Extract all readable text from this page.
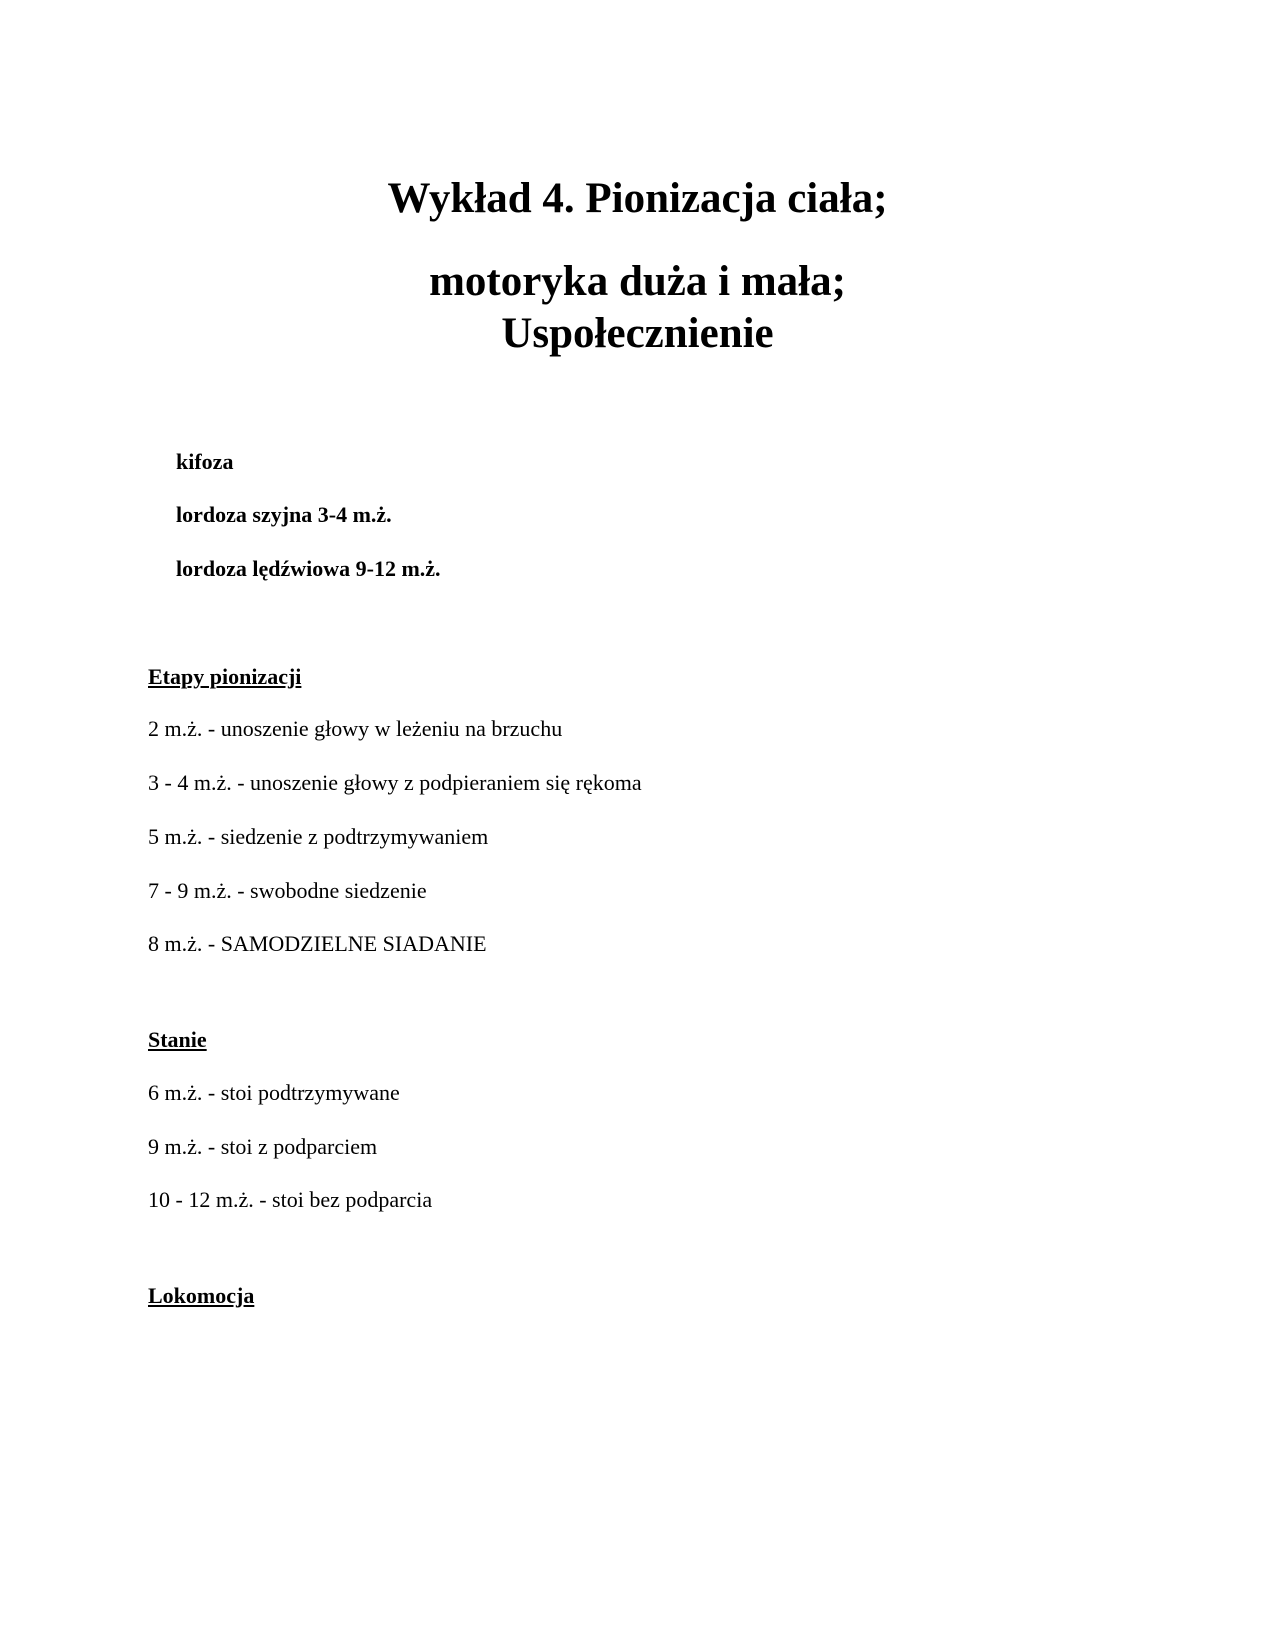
Wykład 4. Pionizacja ciała;
motoryka duża i mała;
Uspołecznienie

kifoza

lordoza szyjna 3-4 m.ż.

lordoza lędźwiowa 9-12 m.ż.

Etapy pionizacji

2 m.ż. - unoszenie głowy w leżeniu na brzuchu

3 - 4 m.ż. - unoszenie głowy z podpieraniem się rękoma

5 m.ż. - siedzenie z podtrzymywaniem

7 - 9 m.ż. - swobodne siedzenie

8 m.ż. - SAMODZIELNE SIADANIE

Stanie

6 m.ż. - stoi podtrzymywane

9 m.ż. - stoi z podparciem

10 - 12 m.ż. - stoi bez podparcia

Lokomocja
